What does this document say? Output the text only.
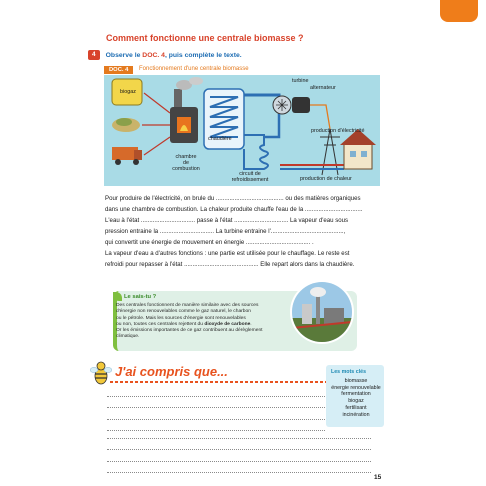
Comment fonctionne une centrale biomasse ?
4	Observe le DOC. 4, puis complète le texte.
DOC. 4	Fonctionnement d'une centrale biomasse
biogaz
turbine
alternateur
chaudière
chambre
de combustion
production d'électricité
circuit de
refroidissement	production de chaleur

Pour produire de l'électricité, on brule du ........................................ ou des matières organiques

dans une chambre de combustion. La chaleur produite chauffe l'eau de la ..................................

L'eau à l'état ................................ passe à l'état ................................ La vapeur d'eau sous

pression entraine la ................................ La turbine entraine l'...........................................,

qui convertit une énergie de mouvement en énergie ...................................... .

La vapeur d'eau a d'autres fonctions : une partie est utilisée pour le chauffage. Le reste est

refroidi pour repasser à l'état ............................................ Elle repart alors dans la chaudière.

Le sais-tu ?
Des centrales fonctionnent de manière similaire avec des sources
d'énergie non renouvelables comme le gaz naturel, le charbon
ou le pétrole. Mais les sources d'énergie sont renouvelables
ou non, toutes ces centrales rejettent du dioxyde de carbone.
Or les émissions importantes de ce gaz contribuent au dérèglement
climatique.
J'ai compris que...	Les mots clés
biomasse
énergie renouvelable
fermentation
biogaz
fertilisant
incinération
15
